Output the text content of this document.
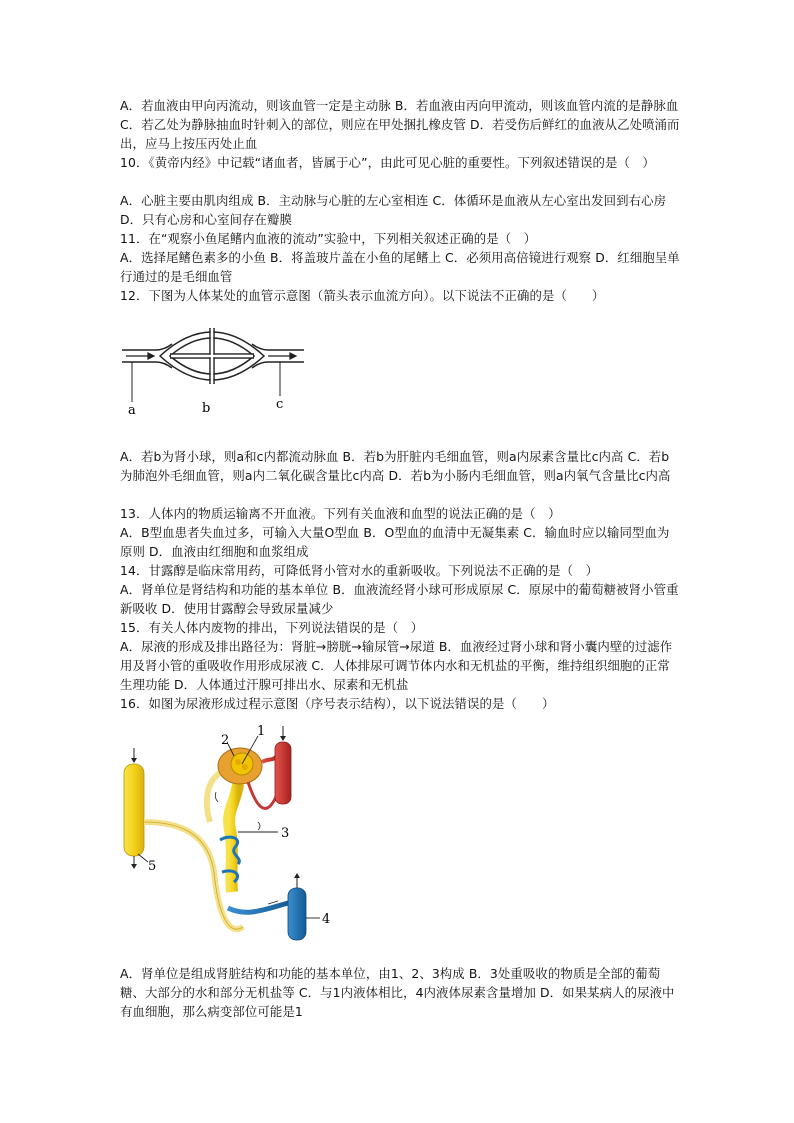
A．若血液由甲向丙流动，则该血管一定是主动脉 B．若血液由丙向甲流动，则该血管内流的是静脉血 C．若乙处为静脉抽血时针刺入的部位，则应在甲处捆扎橡皮管 D．若受伤后鲜红的血液从乙处喷涌而出，应马上按压丙处止血

10．《黄帝内经》中记载“诸血者，皆属于心”，由此可见心脏的重要性。下列叙述错误的是（　）

A．心脏主要由肌肉组成 B．主动脉与心脏的左心室相连 C．体循环是血液从左心室出发回到右心房 D．只有心房和心室间存在瓣膜

11．在“观察小鱼尾鳍内血液的流动”实验中，下列相关叙述正确的是（　）

A．选择尾鳍色素多的小鱼 B．将盖玻片盖在小鱼的尾鳍上 C．必须用高倍镜进行观察 D．红细胞呈单行通过的是毛细血管

12．下图为人体某处的血管示意图（箭头表示血流方向）。以下说法不正确的是（　　）

a	b	c

A．若b为肾小球，则a和c内都流动脉血 B．若b为肝脏内毛细血管，则a内尿素含量比c内高 C．若b为肺泡外毛细血管，则a内二氧化碳含量比c内高 D．若b为小肠内毛细血管，则a内氧气含量比c内高

13．人体内的物质运输离不开血液。下列有关血液和血型的说法正确的是（　）

A．B型血患者失血过多，可输入大量O型血 B．O型血的血清中无凝集素 C．输血时应以输同型血为原则 D．血液由红细胞和血浆组成

14．甘露醇是临床常用药，可降低肾小管对水的重新吸收。下列说法不正确的是（　）

A．肾单位是肾结构和功能的基本单位 B．血液流经肾小球可形成原尿 C．原尿中的葡萄糖被肾小管重新吸收 D．使用甘露醇会导致尿量减少

15．有关人体内废物的排出，下列说法错误的是（　）

A．尿液的形成及排出路径为：肾脏→膀胱→输尿管→尿道 B．血液经过肾小球和肾小囊内壁的过滤作用及肾小管的重吸收作用形成尿液 C．人体排尿可调节体内水和无机盐的平衡，维持组织细胞的正常生理功能 D．人体通过汗腺可排出水、尿素和无机盐

16．如图为尿液形成过程示意图（序号表示结构），以下说法错误的是（　　）

1
2
3
4
5

A．肾单位是组成肾脏结构和功能的基本单位，由1、2、3构成 B．3处重吸收的物质是全部的葡萄糖、大部分的水和部分无机盐等 C．与1内液体相比，4内液体尿素含量增加 D．如果某病人的尿液中有血细胞，那么病变部位可能是1
